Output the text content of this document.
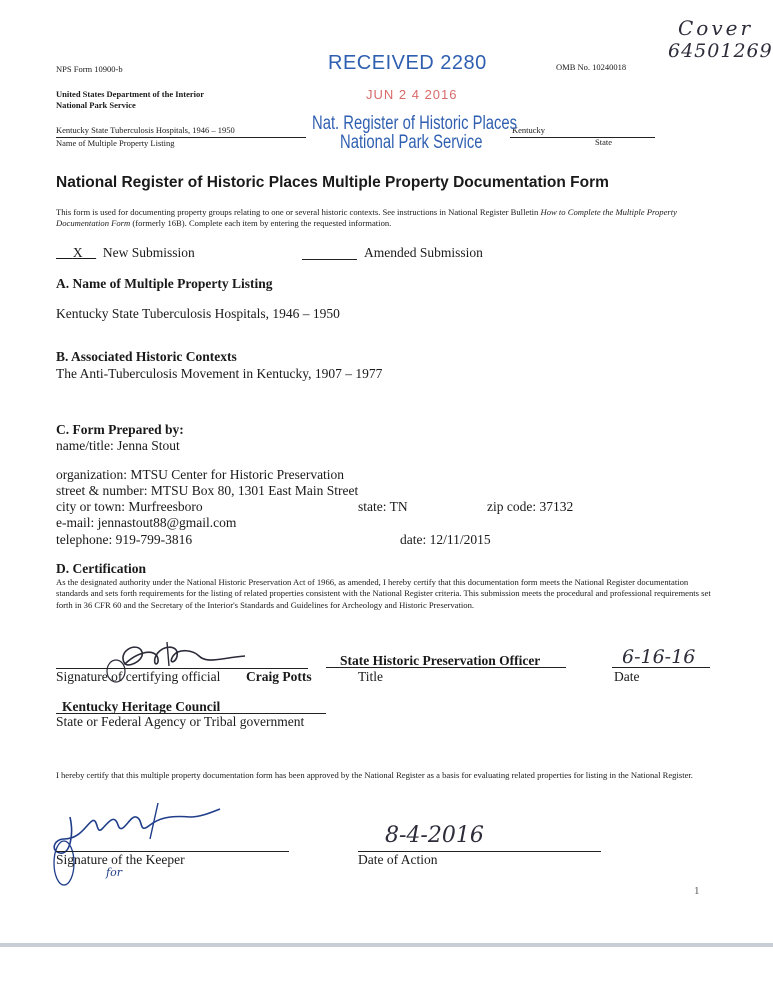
NPS Form 10900-b	OMB No. 10240018
United States Department of the Interior
National Park Service
Kentucky State Tuberculosis Hospitals, 1946 – 1950
Name of Multiple Property Listing
Kentucky
State
RECEIVED 2280
JUN 2 4 2016
Nat. Register of Historic Places
National Park Service
Cover
64501269
National Register of Historic Places Multiple Property Documentation Form
This form is used for documenting property groups relating to one or several historic contexts. See instructions in National Register Bulletin How to Complete the Multiple Property Documentation Form (formerly 16B). Complete each item by entering the requested information.
X New Submission	Amended Submission
A. Name of Multiple Property Listing
Kentucky State Tuberculosis Hospitals, 1946 – 1950
B. Associated Historic Contexts
The Anti-Tuberculosis Movement in Kentucky, 1907 – 1977
C. Form Prepared by:
name/title: Jenna Stout
organization: MTSU Center for Historic Preservation
street & number: MTSU Box 80, 1301 East Main Street
city or town: Murfreesboro	state: TN	zip code: 37132
e-mail: jennastout88@gmail.com
telephone: 919-799-3816	date: 12/11/2015
D. Certification
As the designated authority under the National Historic Preservation Act of 1966, as amended, I hereby certify that this documentation form meets the National Register documentation standards and sets forth requirements for the listing of related properties consistent with the National Register criteria. This submission meets the procedural and professional requirements set forth in 36 CFR 60 and the Secretary of the Interior's Standards and Guidelines for Archeology and Historic Preservation.
Signature of certifying official Craig Potts
State Historic Preservation Officer
Title
6-16-16
Date
Kentucky Heritage Council
State or Federal Agency or Tribal government
I hereby certify that this multiple property documentation form has been approved by the National Register as a basis for evaluating related properties for listing in the National Register.
Signature of the Keeper
for
8-4-2016
Date of Action
1
